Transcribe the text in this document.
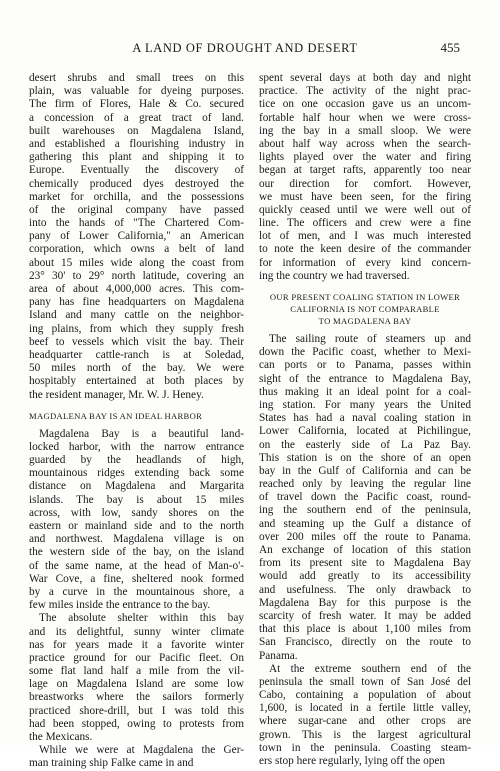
A LAND OF DROUGHT AND DESERT	455
desert shrubs and small trees on this
plain, was valuable for dyeing purposes.
The firm of Flores, Hale & Co. secured
a concession of a great tract of land.
built warehouses on Magdalena Island,
and established a flourishing industry in
gathering this plant and shipping it to
Europe. Eventually the discovery of
chemically produced dyes destroyed the
market for orchilla, and the possessions
of the original company have passed
into the hands of "The Chartered Com-
pany of Lower California," an American
corporation, which owns a belt of land
about 15 miles wide along the coast from
23° 30' to 29° north latitude, covering an
area of about 4,000,000 acres. This com-
pany has fine headquarters on Magdalena
Island and many cattle on the neighbor-
ing plains, from which they supply fresh
beef to vessels which visit the bay. Their
headquarter cattle-ranch is at Soledad,
50 miles north of the bay. We were
hospitably entertained at both places by
the resident manager, Mr. W. J. Heney.
MAGDALENA BAY IS AN IDEAL HARBOR
Magdalena Bay is a beautiful land-
locked harbor, with the narrow entrance
guarded by the headlands of high,
mountainous ridges extending back some
distance on Magdalena and Margarita
islands. The bay is about 15 miles
across, with low, sandy shores on the
eastern or mainland side and to the north
and northwest. Magdalena village is on
the western side of the bay, on the island
of the same name, at the head of Man-o'-
War Cove, a fine, sheltered nook formed
by a curve in the mountainous shore, a
few miles inside the entrance to the bay.
The absolute shelter within this bay
and its delightful, sunny winter climate
nas for years made it a favorite winter
practice ground for our Pacific fleet. On
some flat land half a mile from the vil-
lage on Magdalena Island are some low
breastworks where the sailors formerly
practiced shore-drill, but I was told this
had been stopped, owing to protests from
the Mexicans.
While we were at Magdalena the Ger-
man training ship Falke came in and
spent several days at both day and night
practice. The activity of the night prac-
tice on one occasion gave us an uncom-
fortable half hour when we were cross-
ing the bay in a small sloop. We were
about half way across when the search-
lights played over the water and firing
began at target rafts, apparently too near
our direction for comfort. However,
we must have been seen, for the firing
quickly ceased until we were well out of
line. The officers and crew were a fine
lot of men, and I was much interested
to note the keen desire of the commander
for information of every kind concern-
ing the country we had traversed.
OUR PRESENT COALING STATION IN LOWER
CALIFORNIA IS NOT COMPARABLE
TO MAGDALENA BAY
The sailing route of steamers up and
down the Pacific coast, whether to Mexi-
can ports or to Panama, passes within
sight of the entrance to Magdalena Bay,
thus making it an ideal point for a coal-
ing station. For many years the United
States has had a naval coaling station in
Lower California, located at Pichilingue,
on the easterly side of La Paz Bay.
This station is on the shore of an open
bay in the Gulf of California and can be
reached only by leaving the regular line
of travel down the Pacific coast, round-
ing the southern end of the peninsula,
and steaming up the Gulf a distance of
over 200 miles off the route to Panama.
An exchange of location of this station
from its present site to Magdalena Bay
would add greatly to its accessibility
and usefulness. The only drawback to
Magdalena Bay for this purpose is the
scarcity of fresh water. It may be added
that this place is about 1,100 miles from
San Francisco, directly on the route to
Panama.
At the extreme southern end of the
peninsula the small town of San José del
Cabo, containing a population of about
1,600, is located in a fertile little valley,
where sugar-cane and other crops are
grown. This is the largest agricultural
town in the peninsula. Coasting steam-
ers stop here regularly, lying off the open
